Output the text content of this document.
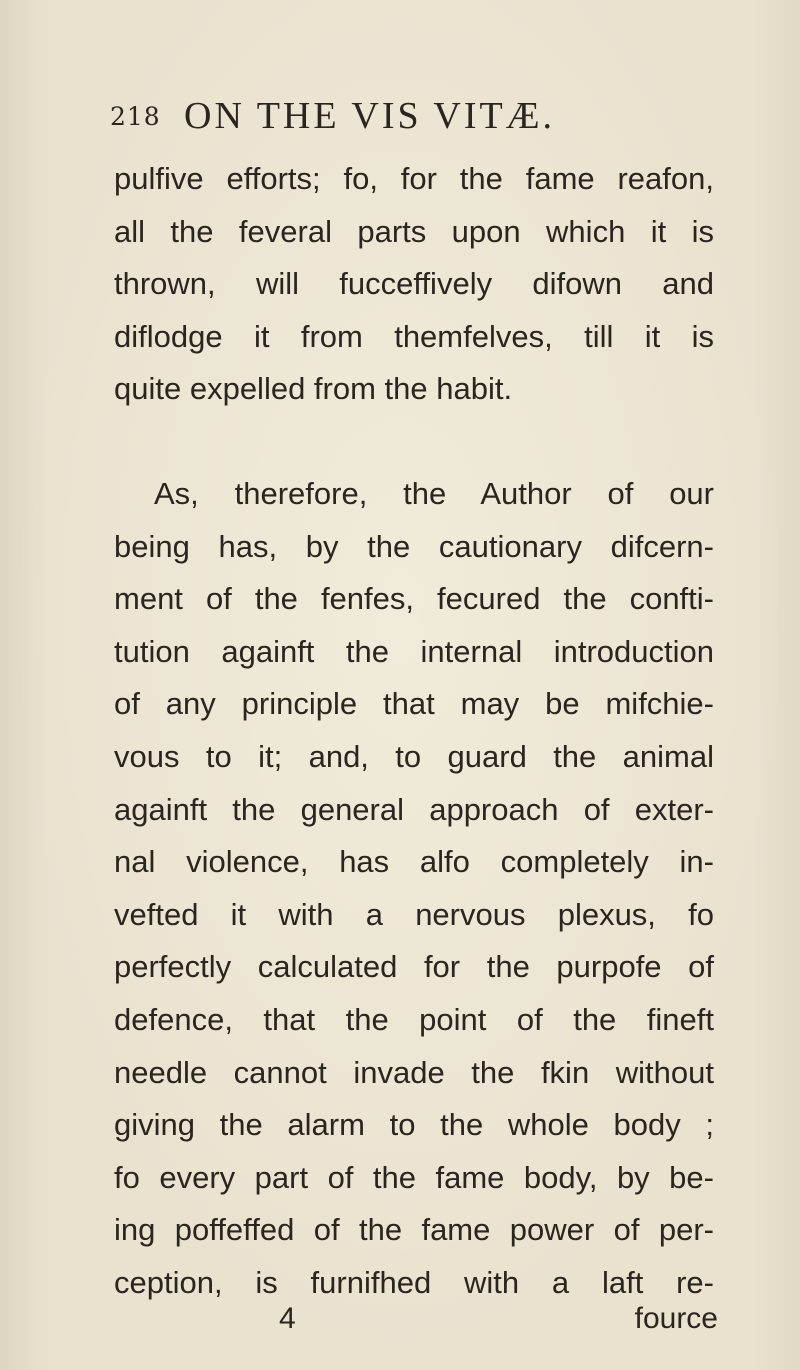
218 ON THE VIS VITÆ.
pulfive efforts; fo, for the fame reafon,
all the feveral parts upon which it is
thrown, will fucceffively difown and
diflodge it from themfelves, till it is
quite expelled from the habit.
As, therefore, the Author of our
being has, by the cautionary difcern-
ment of the fenfes, fecured the confti-
tution againft the internal introduction
of any principle that may be mifchie-
vous to it; and, to guard the animal
againft the general approach of exter-
nal violence, has alfo completely in-
vefted it with a nervous plexus, fo
perfectly calculated for the purpofe of
defence, that the point of the fineft
needle cannot invade the fkin without
giving the alarm to the whole body ;
fo every part of the fame body, by be-
ing poffeffed of the fame power of per-
ception, is furnifhed with a laft re-
4	fource
